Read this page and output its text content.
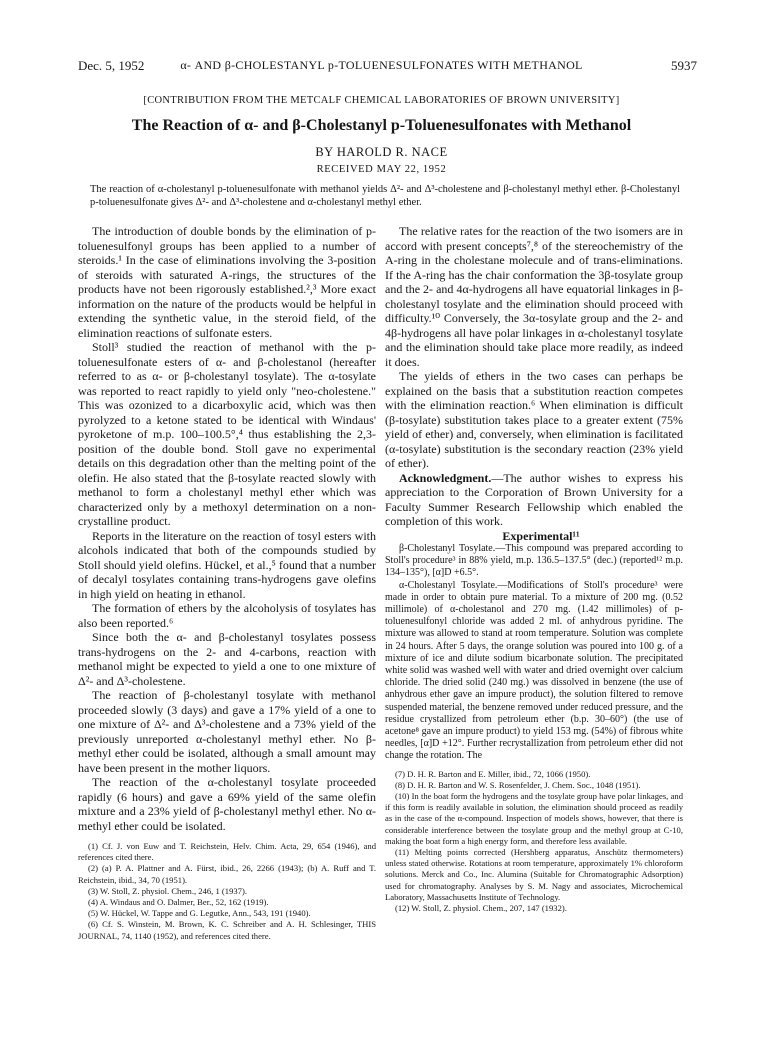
Dec. 5, 1952	α- AND β-CHOLESTANYL p-TOLUENESULFONATES WITH METHANOL	5937
[CONTRIBUTION FROM THE METCALF CHEMICAL LABORATORIES OF BROWN UNIVERSITY]
The Reaction of α- and β-Cholestanyl p-Toluenesulfonates with Methanol
BY HAROLD R. NACE
RECEIVED MAY 22, 1952
The reaction of α-cholestanyl p-toluenesulfonate with methanol yields Δ²- and Δ³-cholestene and β-cholestanyl methyl ether. β-Cholestanyl p-toluenesulfonate gives Δ²- and Δ³-cholestene and α-cholestanyl methyl ether.

The introduction of double bonds by the elimination of p-toluenesulfonyl groups has been applied to a number of steroids.¹ In the case of eliminations involving the 3-position of steroids with saturated A-rings, the structures of the products have not been rigorously established.²,³ More exact information on the nature of the products would be helpful in extending the synthetic value, in the steroid field, of the elimination reactions of sulfonate esters.

Stoll³ studied the reaction of methanol with the p-toluenesulfonate esters of α- and β-cholestanol (hereafter referred to as α- or β-cholestanyl tosylate). The α-tosylate was reported to react rapidly to yield only "neo-cholestene." This was ozonized to a dicarboxylic acid, which was then pyrolyzed to a ketone stated to be identical with Windaus' pyroketone of m.p. 100–100.5°,⁴ thus establishing the 2,3-position of the double bond. Stoll gave no experimental details on this degradation other than the melting point of the olefin. He also stated that the β-tosylate reacted slowly with methanol to form a cholestanyl methyl ether which was characterized only by a methoxyl determination on a non-crystalline product.

Reports in the literature on the reaction of tosyl esters with alcohols indicated that both of the compounds studied by Stoll should yield olefins. Hückel, et al.,⁵ found that a number of decalyl tosylates containing trans-hydrogens gave olefins in high yield on heating in ethanol.

The formation of ethers by the alcoholysis of tosylates has also been reported.⁶

Since both the α- and β-cholestanyl tosylates possess trans-hydrogens on the 2- and 4-carbons, reaction with methanol might be expected to yield a one to one mixture of Δ²- and Δ³-cholestene.

The reaction of β-cholestanyl tosylate with methanol proceeded slowly (3 days) and gave a 17% yield of a one to one mixture of Δ²- and Δ³-cholestene and a 73% yield of the previously unreported α-cholestanyl methyl ether. No β-methyl ether could be isolated, although a small amount may have been present in the mother liquors.

The reaction of the α-cholestanyl tosylate proceeded rapidly (6 hours) and gave a 69% yield of the same olefin mixture and a 23% yield of β-cholestanyl methyl ether. No α-methyl ether could be isolated.

(1) Cf. J. von Euw and T. Reichstein, Helv. Chim. Acta, 29, 654 (1946), and references cited there.

(2) (a) P. A. Plattner and A. Fürst, ibid., 26, 2266 (1943); (b) A. Ruff and T. Reichstein, ibid., 34, 70 (1951).

(3) W. Stoll, Z. physiol. Chem., 246, 1 (1937).

(4) A. Windaus and O. Dalmer, Ber., 52, 162 (1919).

(5) W. Hückel, W. Tappe and G. Legutke, Ann., 543, 191 (1940).

(6) Cf. S. Winstein, M. Brown, K. C. Schreiber and A. H. Schlesinger, THIS JOURNAL, 74, 1140 (1952), and references cited there.

The relative rates for the reaction of the two isomers are in accord with present concepts⁷,⁸ of the stereochemistry of the A-ring in the cholestane molecule and of trans-eliminations. If the A-ring has the chair conformation the 3β-tosylate group and the 2- and 4α-hydrogens all have equatorial linkages in β-cholestanyl tosylate and the elimination should proceed with difficulty.¹⁰ Conversely, the 3α-tosylate group and the 2- and 4β-hydrogens all have polar linkages in α-cholestanyl tosylate and the elimination should take place more readily, as indeed it does.

The yields of ethers in the two cases can perhaps be explained on the basis that a substitution reaction competes with the elimination reaction.⁶ When elimination is difficult (β-tosylate) substitution takes place to a greater extent (75% yield of ether) and, conversely, when elimination is facilitated (α-tosylate) substitution is the secondary reaction (23% yield of ether).

Acknowledgment.—The author wishes to express his appreciation to the Corporation of Brown University for a Faculty Summer Research Fellowship which enabled the completion of this work.

Experimental¹¹

β-Cholestanyl Tosylate.—This compound was prepared according to Stoll's procedure³ in 88% yield, m.p. 136.5–137.5° (dec.) (reported¹² m.p. 134–135°), [α]D +6.5°.

α-Cholestanyl Tosylate.—Modifications of Stoll's procedure³ were made in order to obtain pure material. To a mixture of 200 mg. (0.52 millimole) of α-cholestanol and 270 mg. (1.42 millimoles) of p-toluenesulfonyl chloride was added 2 ml. of anhydrous pyridine. The mixture was allowed to stand at room temperature. Solution was complete in 24 hours. After 5 days, the orange solution was poured into 100 g. of a mixture of ice and dilute sodium bicarbonate solution. The precipitated white solid was washed well with water and dried overnight over calcium chloride. The dried solid (240 mg.) was dissolved in benzene (the use of anhydrous ether gave an impure product), the solution filtered to remove suspended material, the benzene removed under reduced pressure, and the residue crystallized from petroleum ether (b.p. 30–60°) (the use of acetone⁸ gave an impure product) to yield 153 mg. (54%) of fibrous white needles, [α]D +12°. Further recrystallization from petroleum ether did not change the rotation. The

(7) D. H. R. Barton and E. Miller, ibid., 72, 1066 (1950).

(8) D. H. R. Barton and W. S. Rosenfelder, J. Chem. Soc., 1048 (1951).

(10) In the boat form the hydrogens and the tosylate group have polar linkages, and if this form is readily available in solution, the elimination should proceed as readily as in the case of the α-compound. Inspection of models shows, however, that there is considerable interference between the tosylate group and the methyl group at C-10, making the boat form a high energy form, and therefore less available.

(11) Melting points corrected (Hershberg apparatus, Anschütz thermometers) unless stated otherwise. Rotations at room temperature, approximately 1% chloroform solutions. Merck and Co., Inc. Alumina (Suitable for Chromatographic Adsorption) used for chromatography. Analyses by S. M. Nagy and associates, Microchemical Laboratory, Massachusetts Institute of Technology.

(12) W. Stoll, Z. physiol. Chem., 207, 147 (1932).
